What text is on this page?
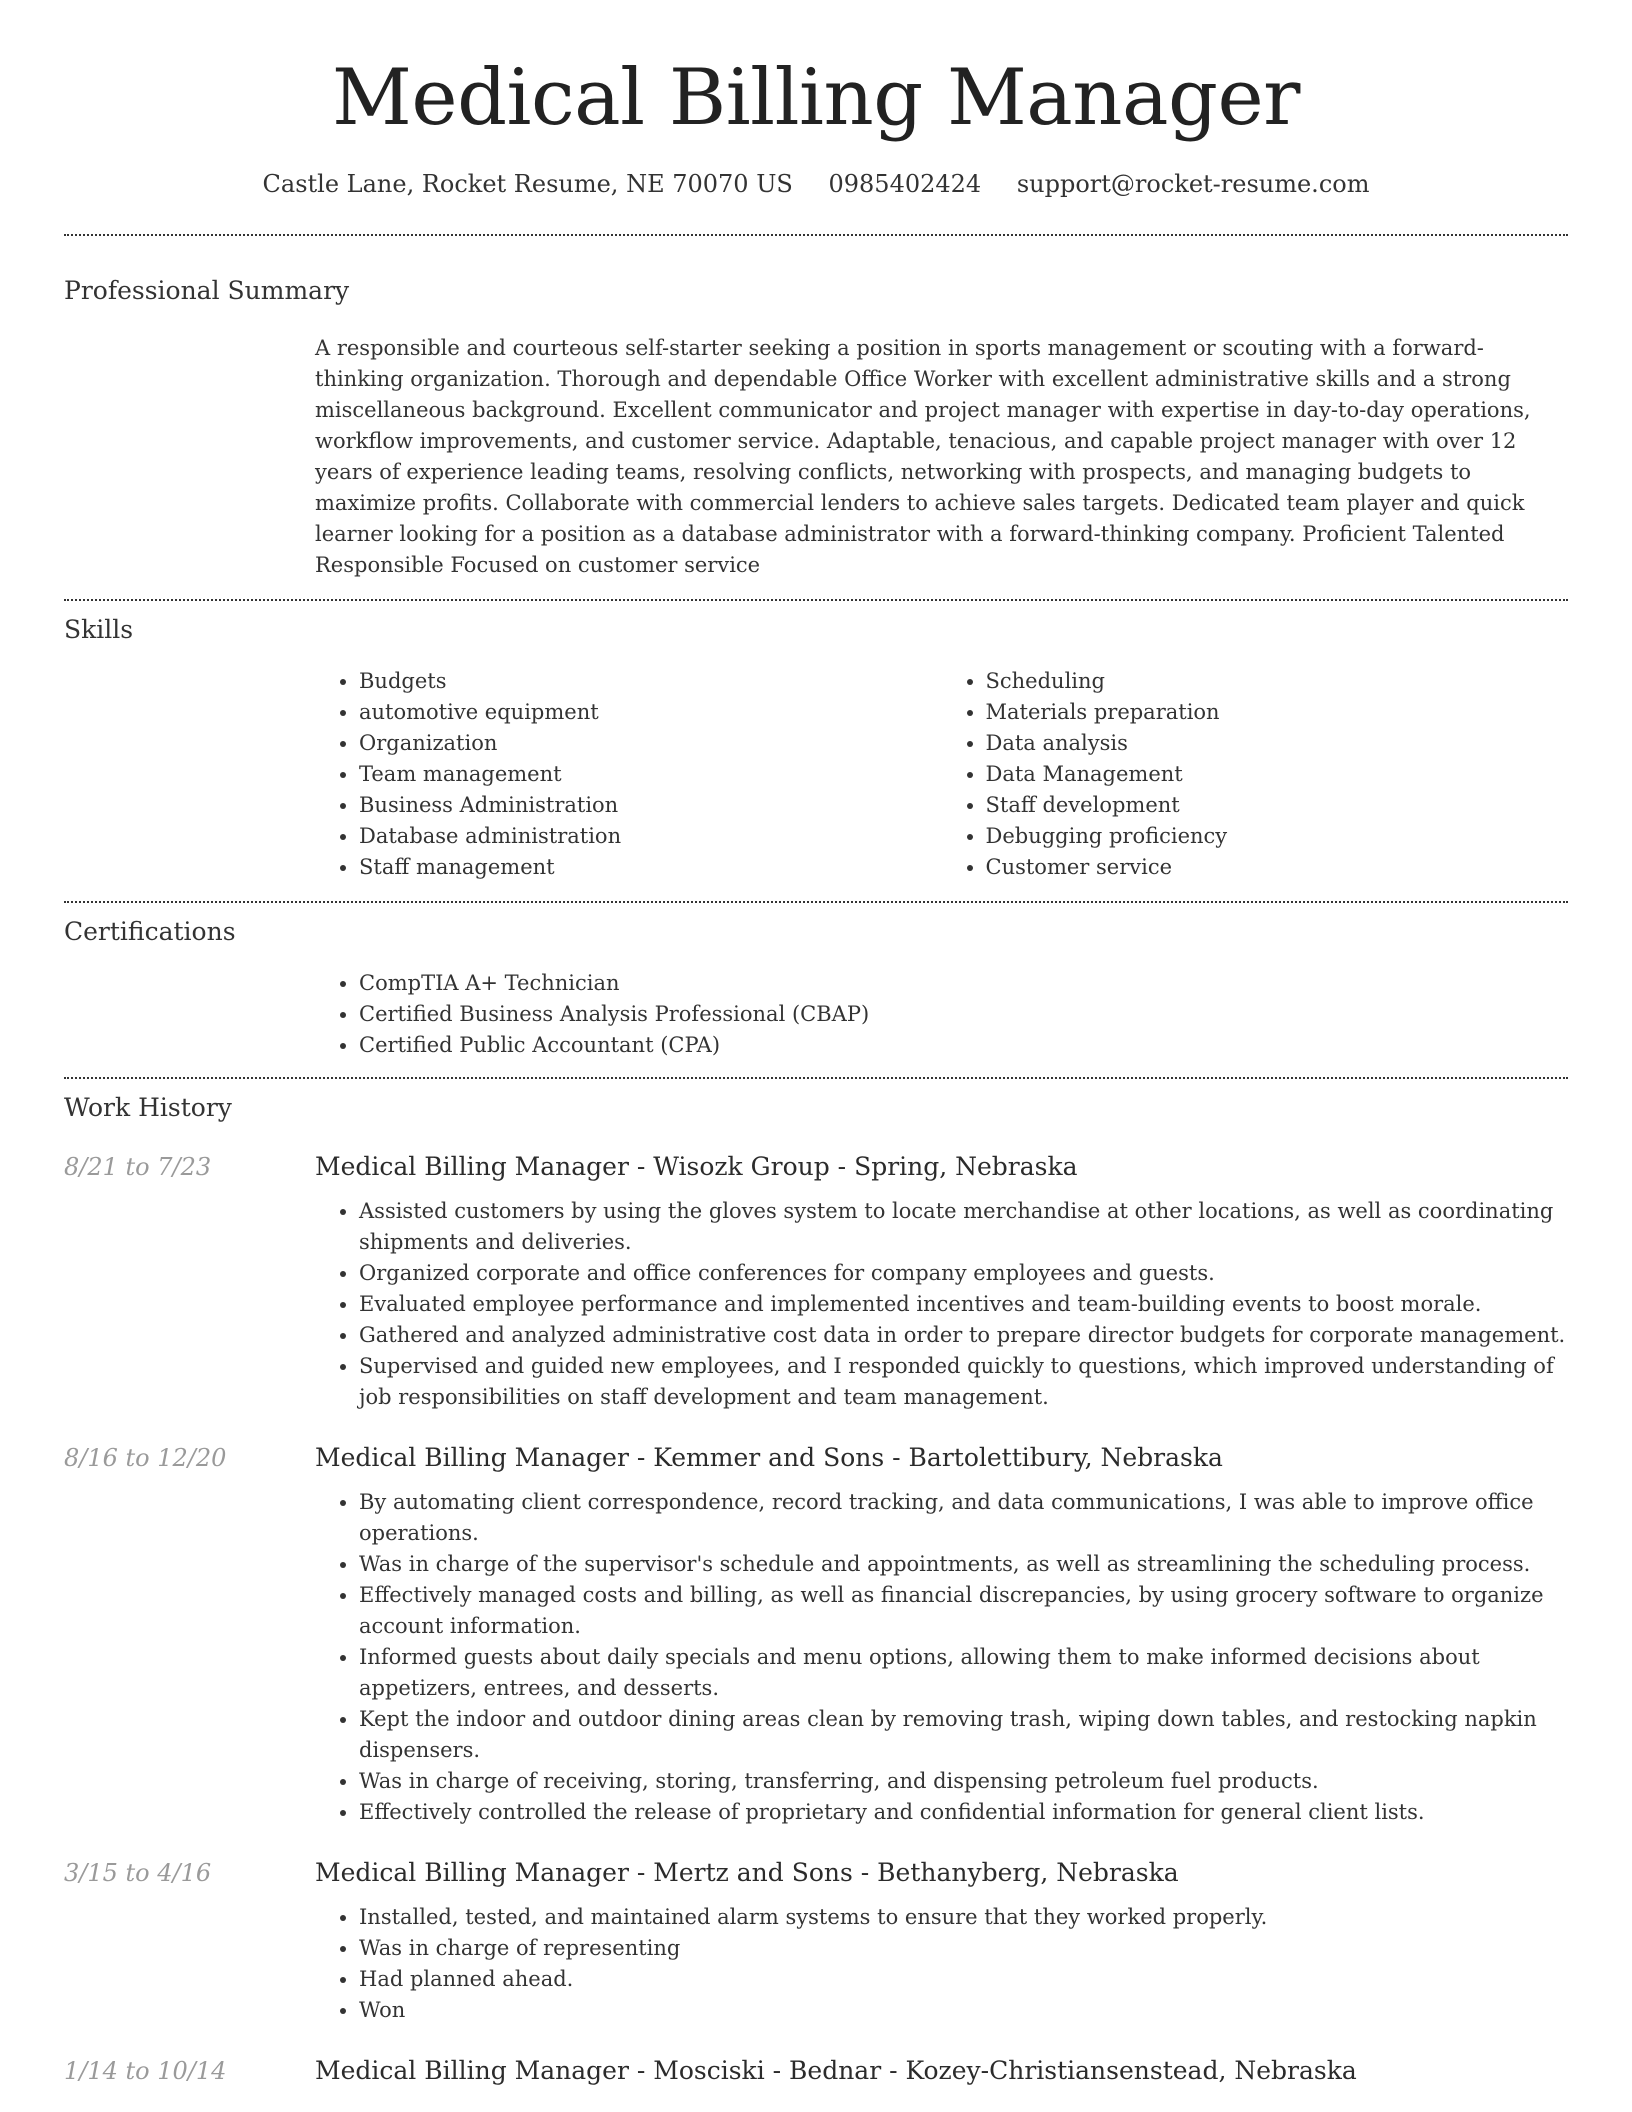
Medical Billing Manager
Castle Lane, Rocket Resume, NE 70070 US 0985402424 support@rocket-resume.com
Professional Summary

A responsible and courteous self-starter seeking a position in sports management or scouting with a forward-thinking organization. Thorough and dependable Office Worker with excellent administrative skills and a strong miscellaneous background. Excellent communicator and project manager with expertise in day-to-day operations, workflow improvements, and customer service. Adaptable, tenacious, and capable project manager with over 12 years of experience leading teams, resolving conflicts, networking with prospects, and managing budgets to maximize profits. Collaborate with commercial lenders to achieve sales targets. Dedicated team player and quick learner looking for a position as a database administrator with a forward-thinking company. Proficient Talented Responsible Focused on customer service

Skills
• Budgets
• automotive equipment
• Organization
• Team management
• Business Administration
• Database administration
• Staff management
• Scheduling
• Materials preparation
• Data analysis
• Data Management
• Staff development
• Debugging proficiency
• Customer service
Certifications
• CompTIA A+ Technician
• Certified Business Analysis Professional (CBAP)
• Certified Public Accountant (CPA)
Work History
8/21 to 7/23	Medical Billing Manager - Wisozk Group - Spring, Nebraska
• Assisted customers by using the gloves system to locate merchandise at other locations, as well as coordinating shipments and deliveries.
• Organized corporate and office conferences for company employees and guests.
• Evaluated employee performance and implemented incentives and team-building events to boost morale.
• Gathered and analyzed administrative cost data in order to prepare director budgets for corporate management.
• Supervised and guided new employees, and I responded quickly to questions, which improved understanding of job responsibilities on staff development and team management.
8/16 to 12/20	Medical Billing Manager - Kemmer and Sons - Bartolettibury, Nebraska
• By automating client correspondence, record tracking, and data communications, I was able to improve office operations.
• Was in charge of the supervisor's schedule and appointments, as well as streamlining the scheduling process.
• Effectively managed costs and billing, as well as financial discrepancies, by using grocery software to organize account information.
• Informed guests about daily specials and menu options, allowing them to make informed decisions about appetizers, entrees, and desserts.
• Kept the indoor and outdoor dining areas clean by removing trash, wiping down tables, and restocking napkin dispensers.
• Was in charge of receiving, storing, transferring, and dispensing petroleum fuel products.
• Effectively controlled the release of proprietary and confidential information for general client lists.
3/15 to 4/16	Medical Billing Manager - Mertz and Sons - Bethanyberg, Nebraska
• Installed, tested, and maintained alarm systems to ensure that they worked properly.
• Was in charge of representing
• Had planned ahead.
• Won
1/14 to 10/14	Medical Billing Manager - Mosciski - Bednar - Kozey-Christiansenstead, Nebraska
